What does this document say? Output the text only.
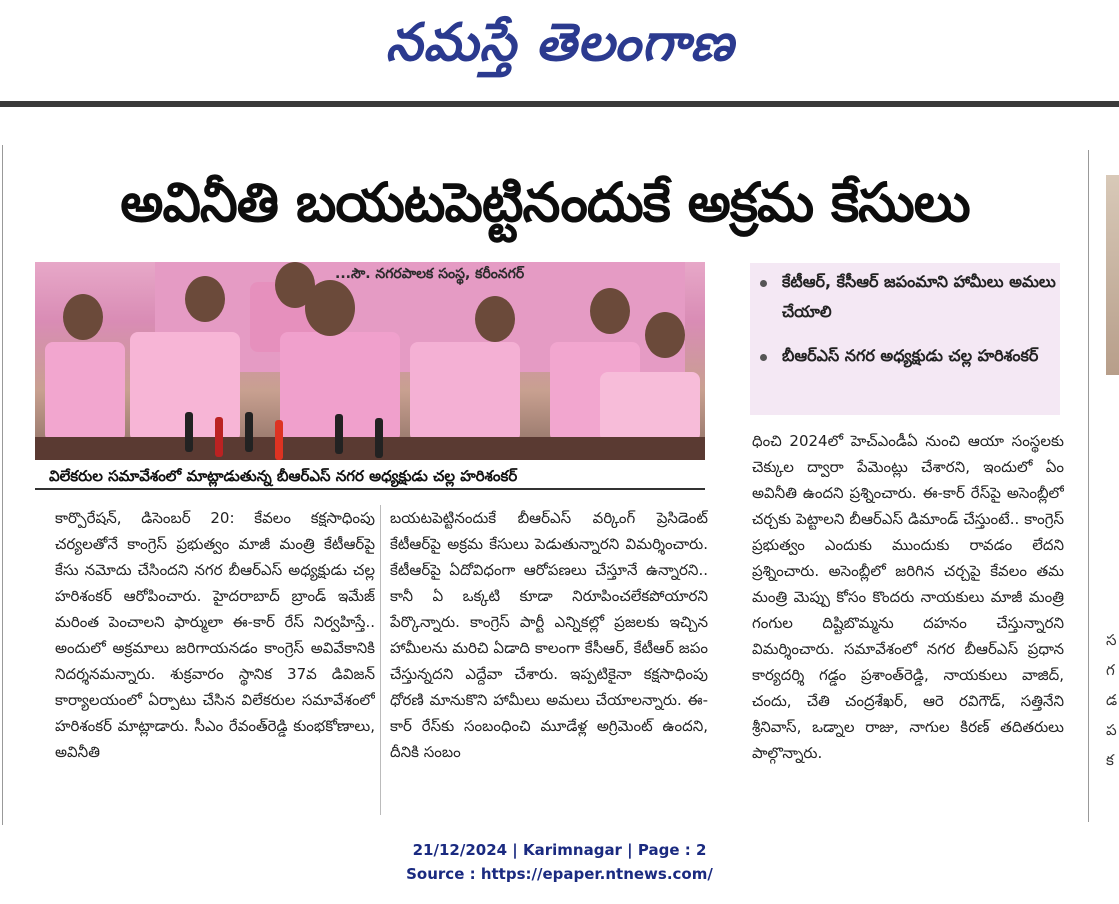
నమస్తే తెలంగాణ
స
గ
డ
ప
క
అవినీతి బయటపెట్టినందుకే అక్రమ కేసులు
...సౌ. నగరపాలక సంస్థ, కరీంనగర్
విలేకరుల సమావేశంలో మాట్లాడుతున్న బీఆర్ఎస్ నగర అధ్యక్షుడు చల్ల హరిశంకర్
కేటీఆర్, కేసీఆర్ జపంమాని హామీలు అమలు చేయాలి
బీఆర్ఎస్ నగర అధ్యక్షుడు చల్ల హరిశంకర్

కార్పొరేషన్, డిసెంబర్ 20: కేవలం కక్షసాధింపు చర్యలతోనే కాంగ్రెస్ ప్రభుత్వం మాజీ మంత్రి కేటీఆర్‌పై కేసు నమోదు చేసిందని నగర బీఆర్ఎస్ అధ్యక్షుడు చల్ల హరిశంకర్ ఆరోపించారు. హైదరాబాద్ బ్రాండ్ ఇమేజ్ మరింత పెంచాలని ఫార్ములా ఈ-కార్ రేస్ నిర్వహిస్తే.. అందులో అక్రమాలు జరిగాయనడం కాంగ్రెస్ అవివేకానికి నిదర్శనమన్నారు. శుక్రవారం స్థానిక 37వ డివిజన్ కార్యాలయంలో ఏర్పాటు చేసిన విలేకరుల సమావేశంలో హరిశంకర్ మాట్లాడారు. సీఎం రేవంత్‌రెడ్డి కుంభకోణాలు, అవినీతి

బయటపెట్టినందుకే బీఆర్ఎస్ వర్కింగ్ ప్రెసిడెంట్ కేటీఆర్‌పై అక్రమ కేసులు పెడుతున్నారని విమర్శించారు. కేటీఆర్‌పై ఏదోవిధంగా ఆరోపణలు చేస్తూనే ఉన్నారని.. కానీ ఏ ఒక్కటి కూడా నిరూపించలేకపోయారని పేర్కొన్నారు. కాంగ్రెస్ పార్టీ ఎన్నికల్లో ప్రజలకు ఇచ్చిన హామీలను మరిచి ఏడాది కాలంగా కేసీఆర్, కేటీఆర్ జపం చేస్తున్నదని ఎద్దేవా చేశారు. ఇప్పటికైనా కక్షసాధింపు ధోరణి మానుకొని హామీలు అమలు చేయాలన్నారు. ఈ-కార్ రేస్‌కు సంబంధించి మూడేళ్ల అగ్రిమెంట్ ఉందని, దీనికి సంబం

ధించి 2024లో హెచ్‌ఎండీఏ నుంచి ఆయా సంస్థలకు చెక్కుల ద్వారా పేమెంట్లు చేశారని, ఇందులో ఏం అవినీతి ఉందని ప్రశ్నించారు. ఈ-కార్ రేస్‌పై అసెంబ్లీలో చర్చకు పెట్టాలని బీఆర్ఎస్ డిమాండ్ చేస్తుంటే.. కాంగ్రెస్ ప్రభుత్వం ఎందుకు ముందుకు రావడం లేదని ప్రశ్నించారు. అసెంబ్లీలో జరిగిన చర్చపై కేవలం తమ మంత్రి మెప్పు కోసం కొందరు నాయకులు మాజీ మంత్రి గంగుల దిష్టిబొమ్మను దహనం చేస్తున్నారని విమర్శించారు. సమావేశంలో నగర బీఆర్ఎస్ ప్రధాన కార్యదర్శి గడ్డం ప్రశాంత్‌రెడ్డి, నాయకులు వాజిద్, చందు, చేతి చంద్రశేఖర్, ఆరె రవిగౌడ్, సత్తినేని శ్రీనివాస్, ఒడ్నాల రాజు, నాగుల కిరణ్ తదితరులు పాల్గొన్నారు.

21/12/2024 | Karimnagar | Page : 2
Source : https://epaper.ntnews.com/
